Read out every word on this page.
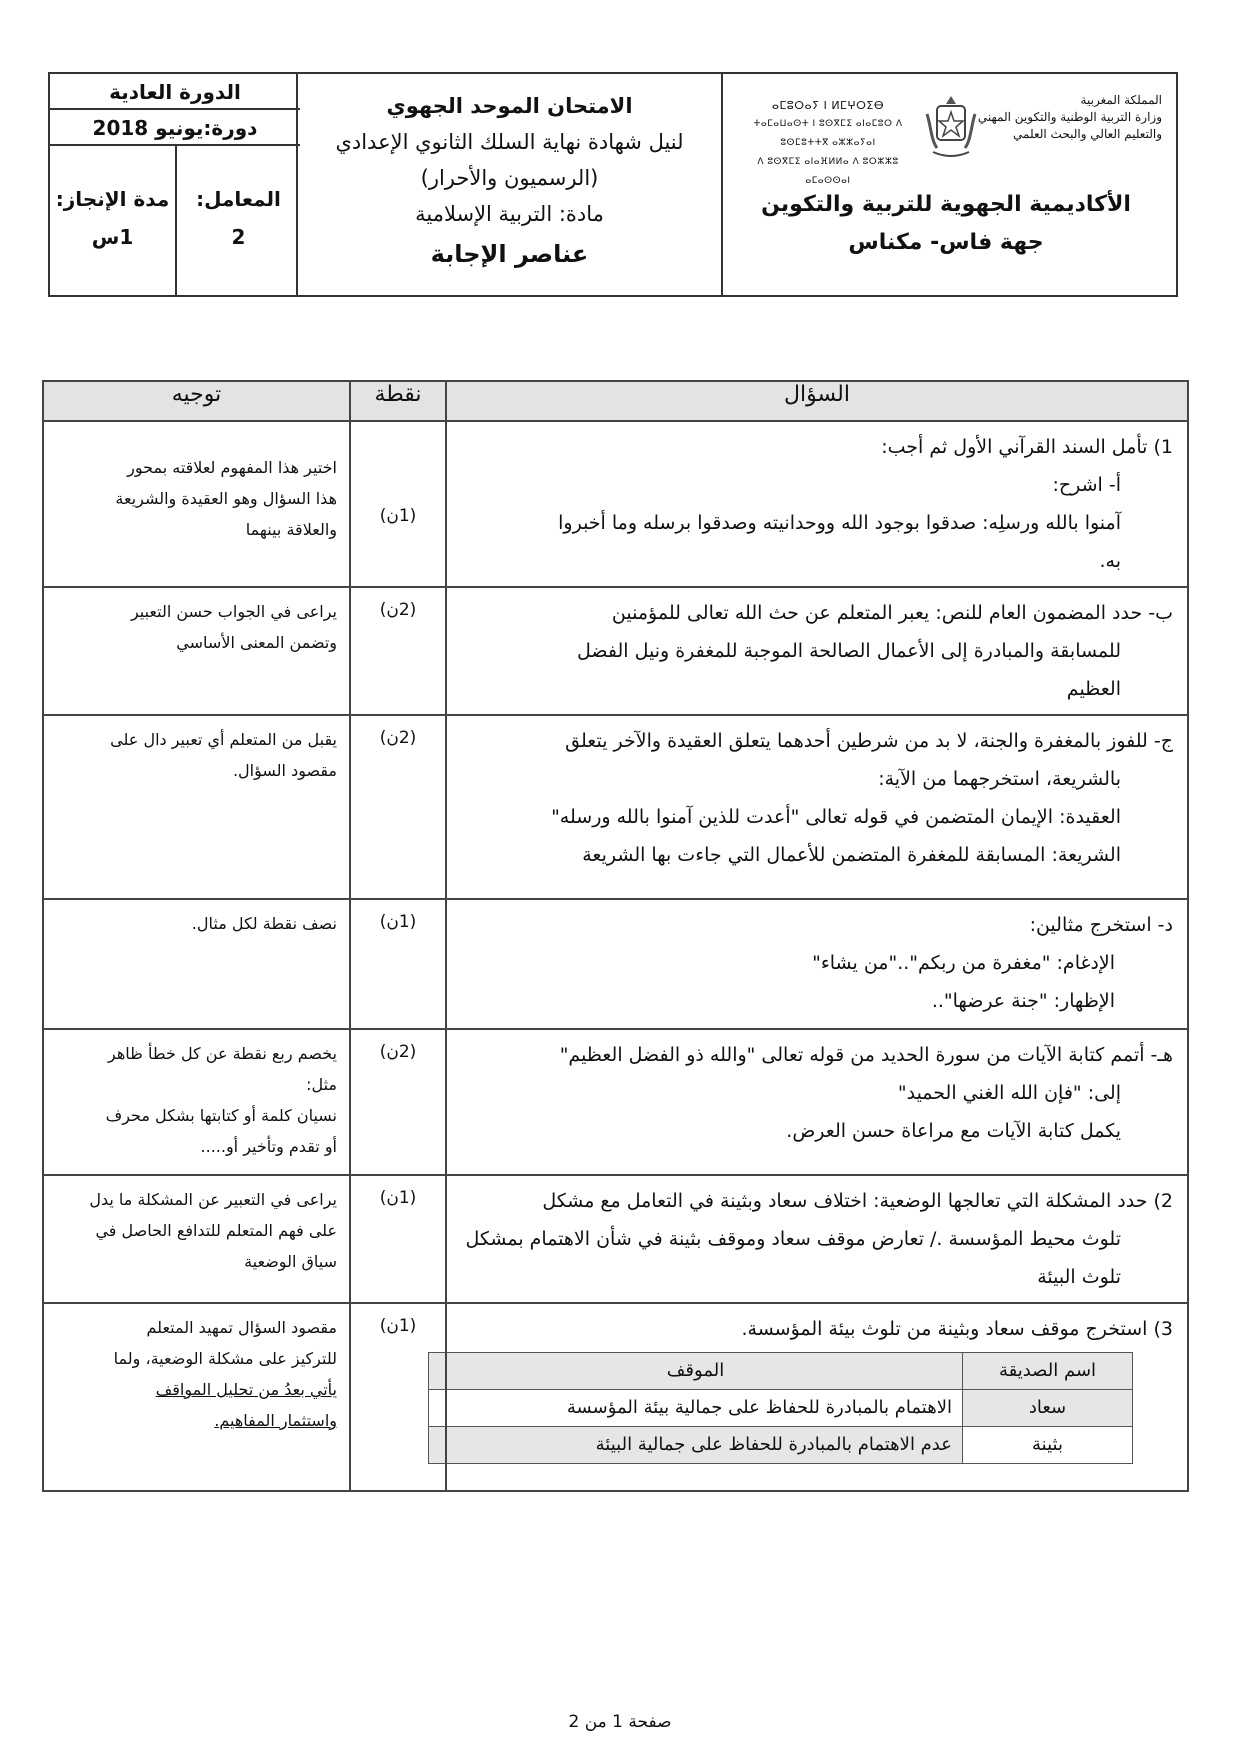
المملكة المغربية
وزارة التربية الوطنية والتكوين المهني
والتعليم العالي والبحث العلمي
ⴰⵎⵓⵔⴰⵢ ⵏ ⵍⵎⵖⵔⵉⴱ
ⵜⴰⵎⴰⵡⴰⵙⵜ ⵏ ⵓⵙⴳⵎⵉ ⴰⵏⴰⵎⵓⵔ ⴷ ⵓⵙⵎⵓⵜⵜⴳ ⴰⵣⵣⴰⵢⴰⵏ
ⴷ ⵓⵙⴳⵎⵉ ⴰⵏⴰⴼⵍⵍⴰ ⴷ ⵓⵔⵣⵣⵓ ⴰⵎⴰⵙⵙⴰⵏ
الأكاديمية الجهوية للتربية والتكوين
جهة فاس- مكناس
الامتحان الموحد الجهوي
لنيل شهادة نهاية السلك الثانوي الإعدادي
(الرسميون والأحرار)
مادة: التربية الإسلامية
عناصر الإجابة
الدورة العادية
دورة:يونيو 2018
المعامل:
2
مدة الإنجاز:
1س
السؤال	نقطة	توجيه

1) تأمل السند القرآني الأول ثم أجب:
أ- اشرح:
آمنوا بالله ورسلِه: صدقوا بوجود الله ووحدانيته وصدقوا برسله وما أخبروا
به.
	(1ن)	
اختير هذا المفهوم لعلاقته بمحور
هذا السؤال وهو العقيدة والشريعة
والعلاقة بينهما

ب- حدد المضمون العام للنص: يعبر المتعلم عن حث الله تعالى للمؤمنين
للمسابقة والمبادرة إلى الأعمال الصالحة الموجبة للمغفرة ونيل الفضل
العظيم
	(2ن)	
يراعى في الجواب حسن التعبير
وتضمن المعنى الأساسي

ج- للفوز بالمغفرة والجنة، لا بد من شرطين أحدهما يتعلق العقيدة والآخر يتعلق
بالشريعة، استخرجهما من الآية:
العقيدة: الإيمان المتضمن في قوله تعالى "أعدت للذين آمنوا بالله ورسله"
الشريعة: المسابقة للمغفرة المتضمن للأعمال التي جاءت بها الشريعة
	(2ن)	
يقبل من المتعلم أي تعبير دال على
مقصود السؤال.

د- استخرج مثالين:
الإدغام: "مغفرة من ربكم".."من يشاء"
الإظهار: "جنة عرضها"..
	(1ن)	
نصف نقطة لكل مثال.

هـ- أتمم كتابة الآيات من سورة الحديد من قوله تعالى "والله ذو الفضل العظيم"
إلى: "فإن الله الغني الحميد"
يكمل كتابة الآيات مع مراعاة حسن العرض.
	(2ن)	
يخصم ربع نقطة عن كل خطأ ظاهر
مثل:
نسيان كلمة أو كتابتها بشكل محرف
أو تقدم وتأخير أو.....

2) حدد المشكلة التي تعالجها الوضعية: اختلاف سعاد وبثينة في التعامل مع مشكل
تلوث محيط المؤسسة ./ تعارض موقف سعاد وموقف بثينة في شأن الاهتمام بمشكل
تلوث البيئة
	(1ن)	
يراعى في التعبير عن المشكلة ما يدل
على فهم المتعلم للتدافع الحاصل في
سياق الوضعية

3) استخرج موقف سعاد وبثينة من تلوث بيئة المؤسسة.
اسم الصديقة	الموقف
سعاد	الاهتمام بالمبادرة للحفاظ على جمالية بيئة المؤسسة
بثينة	عدم الاهتمام بالمبادرة للحفاظ على جمالية البيئة
	(1ن)	
مقصود السؤال تمهيد المتعلم
للتركيز على مشكلة الوضعية، ولما
يأتي بعدُ من تحليل المواقف
واستثمار المفاهيم.
صفحة 1 من 2
